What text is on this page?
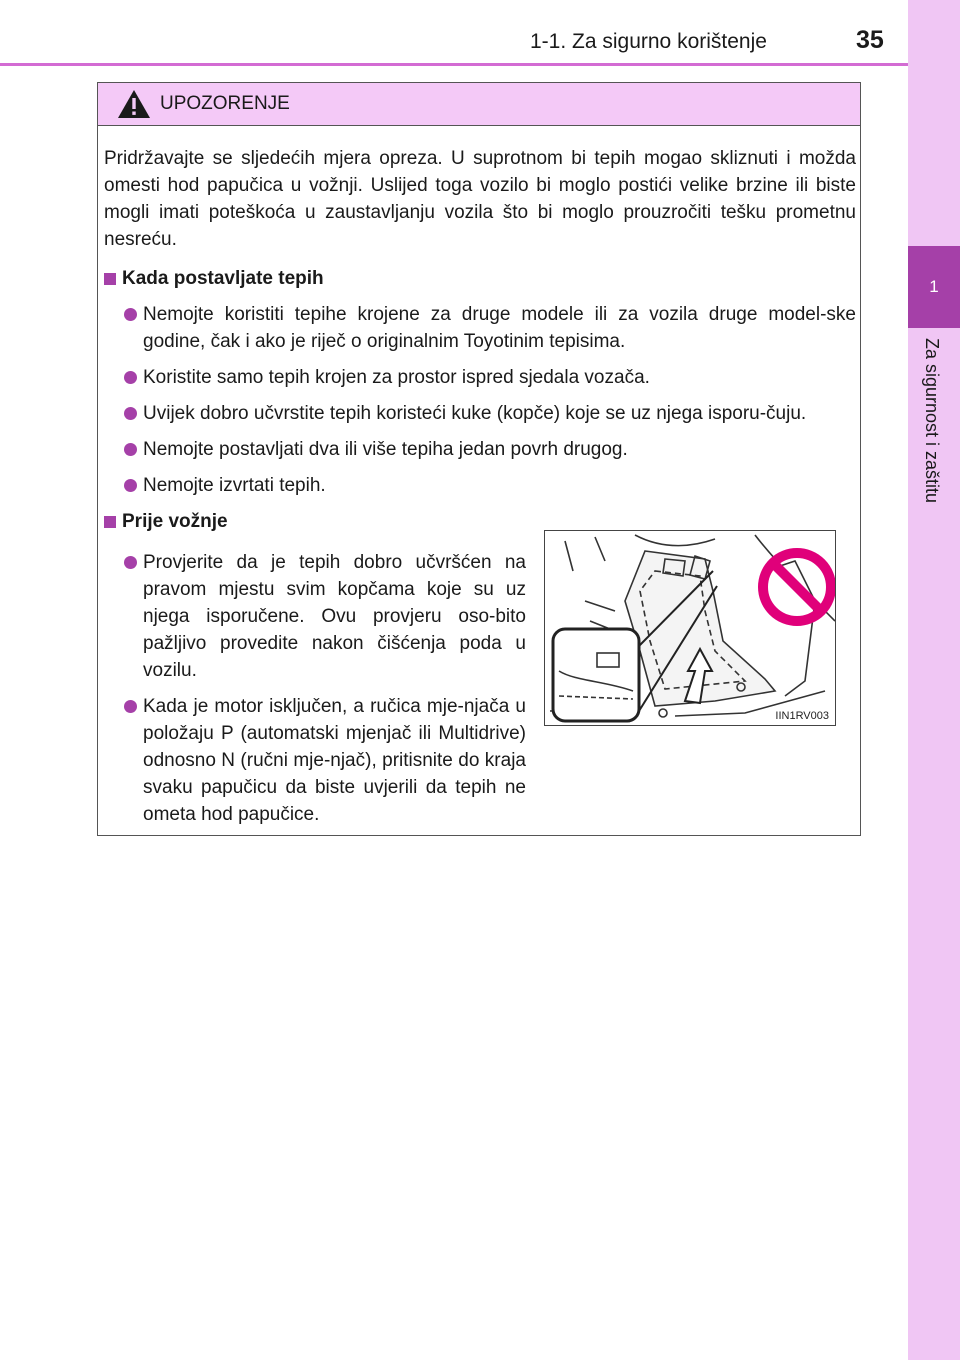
1-1. Za sigurno korištenje	35
1
Za sigurnost i zaštitu
UPOZORENJE

Pridržavajte se sljedećih mjera opreza. U suprotnom bi tepih mogao skliznuti i možda omesti hod papučica u vožnji. Uslijed toga vozilo bi moglo postići velike brzine ili biste mogli imati poteškoća u zaustavljanju vozila što bi moglo prouzročiti tešku prometnu nesreću.

Kada postavljate tepih
Nemojte koristiti tepihe krojene za druge modele ili za vozila druge model-ske godine, čak i ako je riječ o originalnim Toyotinim tepisima.
Koristite samo tepih krojen za prostor ispred sjedala vozača.
Uvijek dobro učvrstite tepih koristeći kuke (kopče) koje se uz njega isporu-čuju.
Nemojte postavljati dva ili više tepiha jedan povrh drugog.
Nemojte izvrtati tepih.
Prije vožnje
Provjerite da je tepih dobro učvršćen na pravom mjestu svim kopčama koje su uz njega isporučene. Ovu provjeru oso-bito pažljivo provedite nakon čišćenja poda u vozilu.
Kada je motor isključen, a ručica mje-njača u položaju P (automatski mjenjač ili Multidrive) odnosno N (ručni mje-njač), pritisnite do kraja svaku papučicu da biste uvjerili da tepih ne ometa hod papučice.
IIN1RV003
